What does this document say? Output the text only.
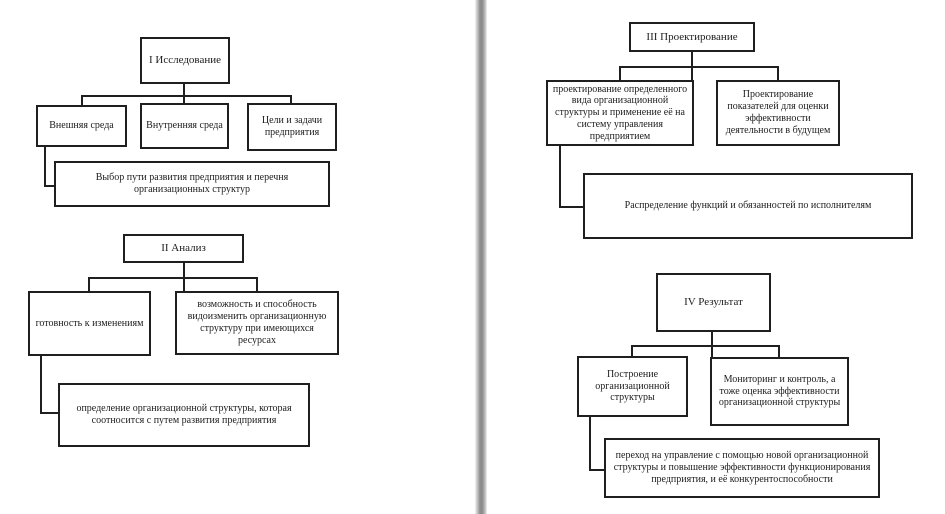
I Исследование
Внешняя среда	Внутренняя среда	Цели и задачи предприятия
Выбор пути развития предприятия и перечня организационных структур
II Анализ
готовность к изменениям
возможность и способность видоизменить организационную структуру при имеющихся ресурсах
определение организационной структуры, которая соотносится с путем развития предприятия
III Проектирование
проектирование определенного вида организационной структуры и применение её на систему управления предприятием
Проектирование показателей для оценки эффективности деятельности в будущем
Распределение функций и обязанностей по исполнителям
IV Результат
Построение организационной структуры
Мониторинг и контроль, а тоже оценка эффективности организационной структуры
переход на управление с помощью новой организационной структуры и повышение эффективности функционирования предприятия, и её конкурентоспособности
